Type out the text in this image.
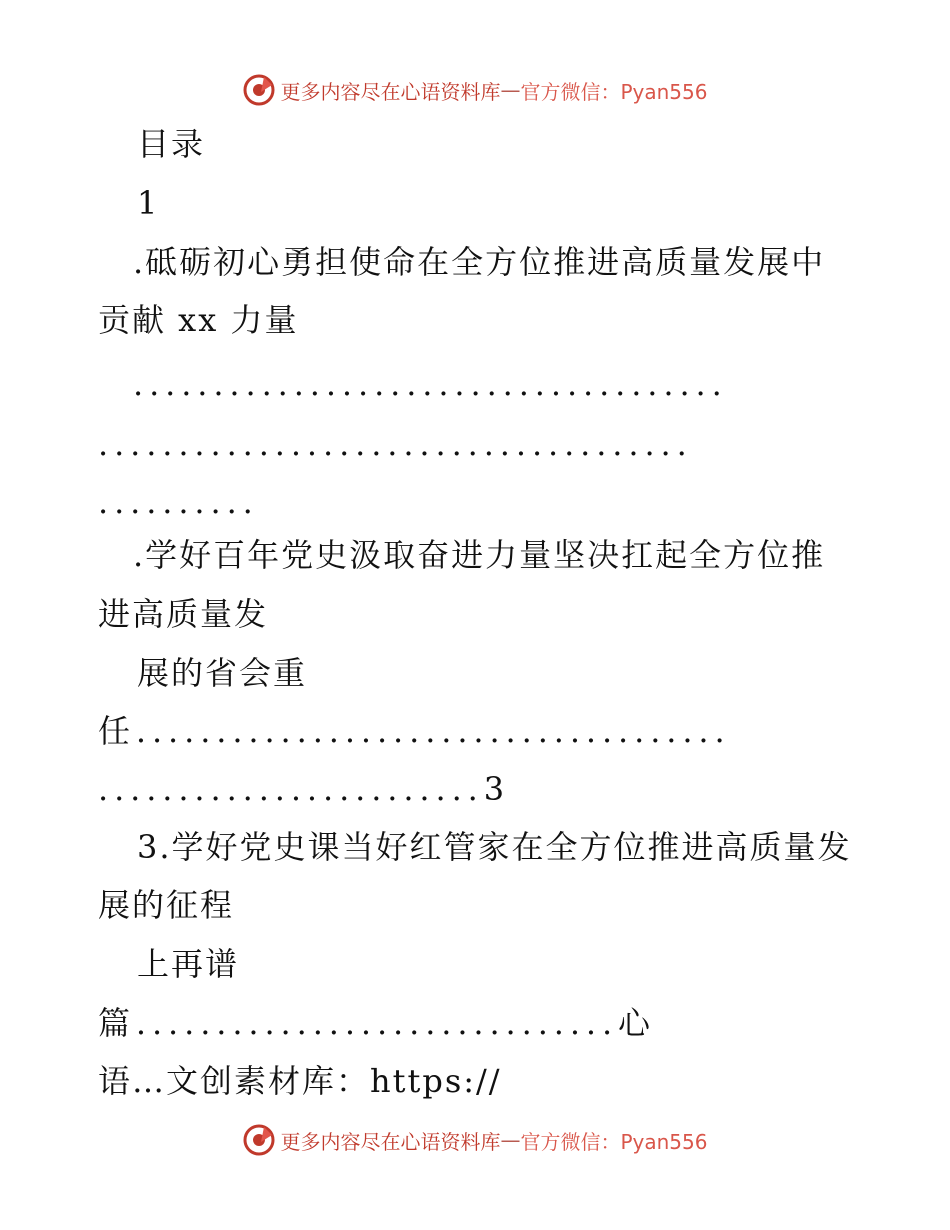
更多内容尽在心语资料库 — 官方微信：Pyan556
目录
1
.砥砺初心勇担使命在全方位推进高质量发展中
贡献 xx 力量
.....................................
.....................................
..........
.学好百年党史汲取奋进力量坚决扛起全方位推
进高质量发
展的省会重
任.....................................
........................3
3.学好党史课当好红管家在全方位推进高质量发
展的征程
上再谱
篇..............................心
语…文创素材库：https://
更多内容尽在心语资料库 — 官方微信：Pyan556
